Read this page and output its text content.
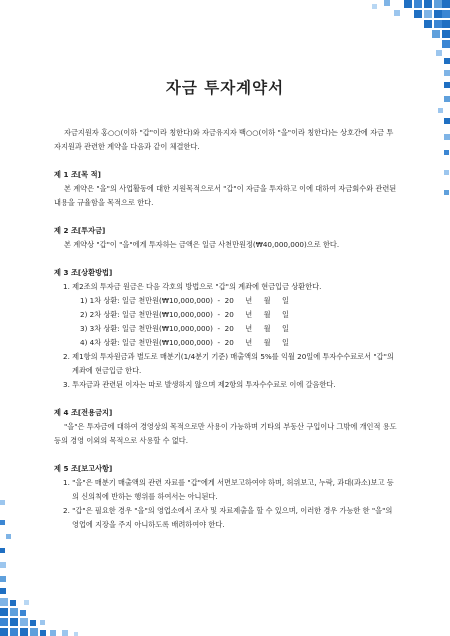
자금 투자계약서

자금지원자 홍○○(이하 "갑"이라 칭한다)와 자금유지자 백○○(이하 "을"이라 칭한다)는 상호간에 자금 투자지원과 관련한 계약을 다음과 같이 체결한다.

제 1 조[목 적]

본 계약은 "을"의 사업활동에 대한 지원목적으로서 "갑"이 자금을 투자하고 이에 대하여 자금회수와 관련된 내용을 규율함을 목적으로 한다.

제 2 조[투자금]

본 계약상 "갑"이 "을"에게 투자하는 금액은 일금 사천만원정(₩40,000,000)으로 한다.

제 3 조[상환방법]

1. 제2조의 투자금 원금은 다음 각호의 방법으로 "갑"의 계좌에 현금입금 상환한다.

1) 1차 상환: 일금 천만원(₩10,000,000)  -  20     년     월     일

2) 2차 상환: 일금 천만원(₩10,000,000)  -  20     년     월     일

3) 3차 상환: 일금 천만원(₩10,000,000)  -  20     년     월     일

4) 4차 상환: 일금 천만원(₩10,000,000)  -  20     년     월     일

2. 제1항의 투자원금과 별도로 매분기(1/4분기 기준) 매출액의 5%를 익월 20일에 투자수수료로서 "갑"의 계좌에 현금입금 한다.

3. 투자금과 관련된 이자는 따로 발생하지 않으며 제2항의 투자수수료로 이에 갈음한다.

제 4 조[전용금지]

"을"은 투자금에 대하여 경영상의 목적으로만 사용이 가능하며 기타의 부동산 구입이나 그밖에 개인적 용도 등의 경영 이외의 목적으로 사용할 수 없다.

제 5 조[보고사항]

1. "을"은 매분기 매출액의 관련 자료를 "갑"에게 서면보고하여야 하며, 허위보고, 누락, 과대(과소)보고 등의 신의칙에 반하는 행위를 하여서는 아니된다.

2. "갑"은 필요한 경우 "을"의 영업소에서 조사 및 자료제출을 할 수 있으며, 이러한 경우 가능한 한 "을"의 영업에 지장을 주지 아니하도록 배려하여야 한다.
